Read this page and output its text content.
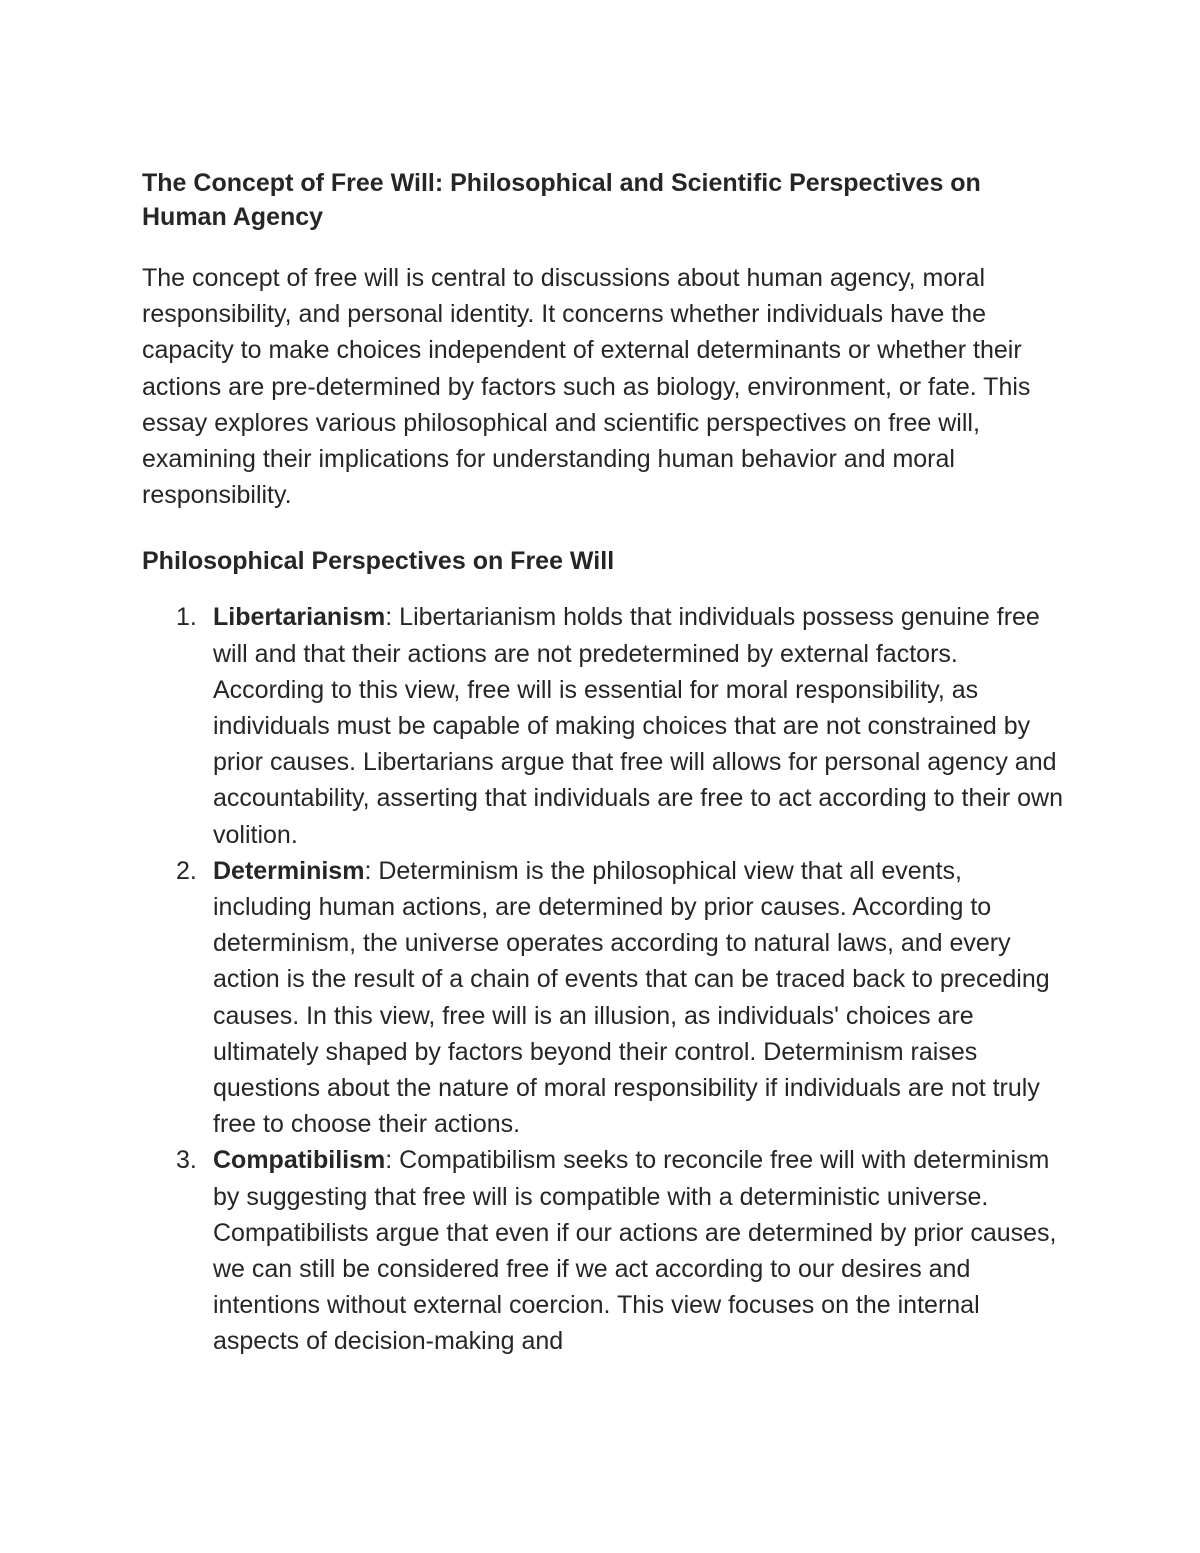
The Concept of Free Will: Philosophical and Scientific Perspectives on Human Agency

The concept of free will is central to discussions about human agency, moral responsibility, and personal identity. It concerns whether individuals have the capacity to make choices independent of external determinants or whether their actions are pre-determined by factors such as biology, environment, or fate. This essay explores various philosophical and scientific perspectives on free will, examining their implications for understanding human behavior and moral responsibility.

Philosophical Perspectives on Free Will
1. Libertarianism: Libertarianism holds that individuals possess genuine free will and that their actions are not predetermined by external factors. According to this view, free will is essential for moral responsibility, as individuals must be capable of making choices that are not constrained by prior causes. Libertarians argue that free will allows for personal agency and accountability, asserting that individuals are free to act according to their own volition.
2. Determinism: Determinism is the philosophical view that all events, including human actions, are determined by prior causes. According to determinism, the universe operates according to natural laws, and every action is the result of a chain of events that can be traced back to preceding causes. In this view, free will is an illusion, as individuals' choices are ultimately shaped by factors beyond their control. Determinism raises questions about the nature of moral responsibility if individuals are not truly free to choose their actions.
3. Compatibilism: Compatibilism seeks to reconcile free will with determinism by suggesting that free will is compatible with a deterministic universe. Compatibilists argue that even if our actions are determined by prior causes, we can still be considered free if we act according to our desires and intentions without external coercion. This view focuses on the internal aspects of decision-making and
